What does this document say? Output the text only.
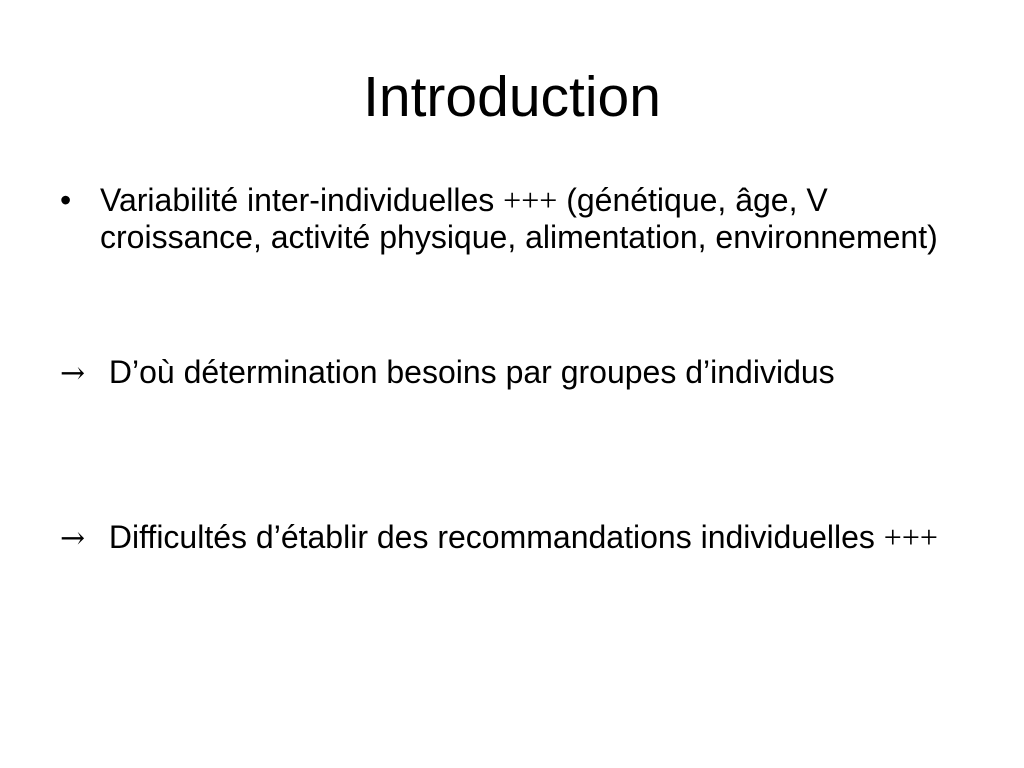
Introduction

• Variabilité inter-individuelles +++ (génétique, âge, V croissance, activité physique, alimentation, environnement)

→ D’où détermination besoins par groupes d’individus

→ Difficultés d’établir des recommandations individuelles +++
